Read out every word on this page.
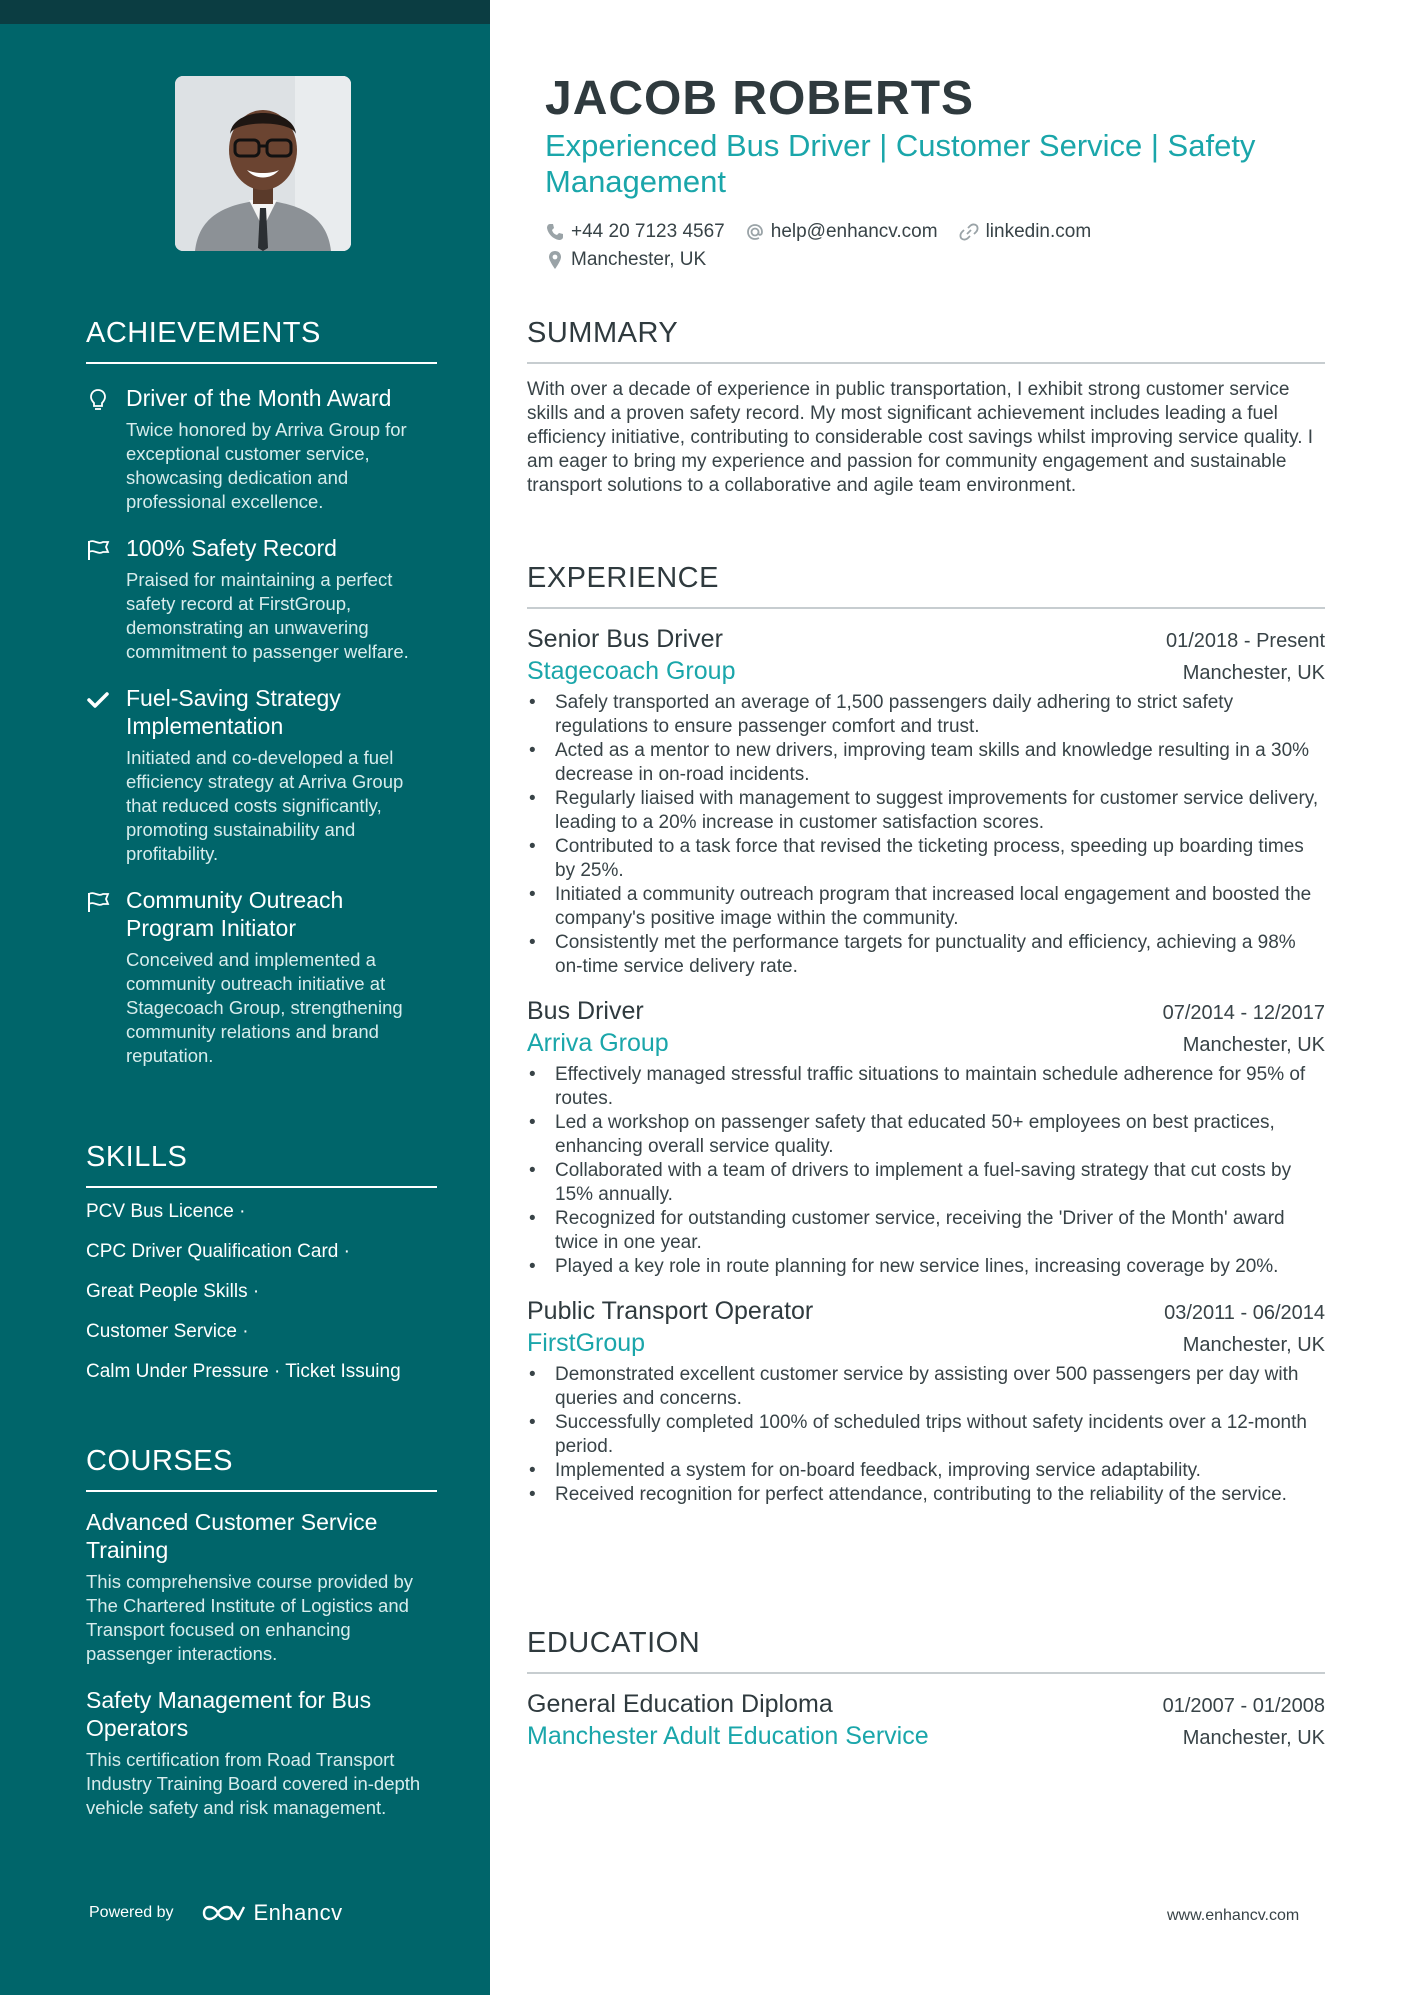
ACHIEVEMENTS
Driver of the Month Award
Twice honored by Arriva Group for exceptional customer service, showcasing dedication and professional excellence.
100% Safety Record
Praised for maintaining a perfect safety record at FirstGroup, demonstrating an unwavering commitment to passenger welfare.
Fuel-Saving Strategy Implementation
Initiated and co-developed a fuel efficiency strategy at Arriva Group that reduced costs significantly, promoting sustainability and profitability.
Community Outreach Program Initiator
Conceived and implemented a community outreach initiative at Stagecoach Group, strengthening community relations and brand reputation.
SKILLS
PCV Bus Licence ·
CPC Driver Qualification Card ·
Great People Skills ·
Customer Service ·
Calm Under Pressure · Ticket Issuing
COURSES
Advanced Customer Service Training
This comprehensive course provided by The Chartered Institute of Logistics and Transport focused on enhancing passenger interactions.
Safety Management for Bus Operators
This certification from Road Transport Industry Training Board covered in-depth vehicle safety and risk management.
Powered by	Enhancv
JACOB ROBERTS
Experienced Bus Driver | Customer Service | Safety Management
+44 20 7123 4567 help@enhancv.com	linkedin.com
Manchester, UK
SUMMARY
With over a decade of experience in public transportation, I exhibit strong customer service skills and a proven safety record. My most significant achievement includes leading a fuel efficiency initiative, contributing to considerable cost savings whilst improving service quality. I am eager to bring my experience and passion for community engagement and sustainable transport solutions to a collaborative and agile team environment.
EXPERIENCE
Senior Bus Driver	01/2018 - Present
Stagecoach Group	Manchester, UK
• Safely transported an average of 1,500 passengers daily adhering to strict safety regulations to ensure passenger comfort and trust.
• Acted as a mentor to new drivers, improving team skills and knowledge resulting in a 30% decrease in on-road incidents.
• Regularly liaised with management to suggest improvements for customer service delivery, leading to a 20% increase in customer satisfaction scores.
• Contributed to a task force that revised the ticketing process, speeding up boarding times by 25%.
• Initiated a community outreach program that increased local engagement and boosted the company's positive image within the community.
• Consistently met the performance targets for punctuality and efficiency, achieving a 98% on-time service delivery rate.
Bus Driver	07/2014 - 12/2017
Arriva Group	Manchester, UK
• Effectively managed stressful traffic situations to maintain schedule adherence for 95% of routes.
• Led a workshop on passenger safety that educated 50+ employees on best practices, enhancing overall service quality.
• Collaborated with a team of drivers to implement a fuel-saving strategy that cut costs by 15% annually.
• Recognized for outstanding customer service, receiving the 'Driver of the Month' award twice in one year.
• Played a key role in route planning for new service lines, increasing coverage by 20%.
Public Transport Operator	03/2011 - 06/2014
FirstGroup	Manchester, UK
• Demonstrated excellent customer service by assisting over 500 passengers per day with queries and concerns.
• Successfully completed 100% of scheduled trips without safety incidents over a 12-month period.
• Implemented a system for on-board feedback, improving service adaptability.
• Received recognition for perfect attendance, contributing to the reliability of the service.
EDUCATION
General Education Diploma	01/2007 - 01/2008
Manchester Adult Education Service	Manchester, UK
www.enhancv.com
